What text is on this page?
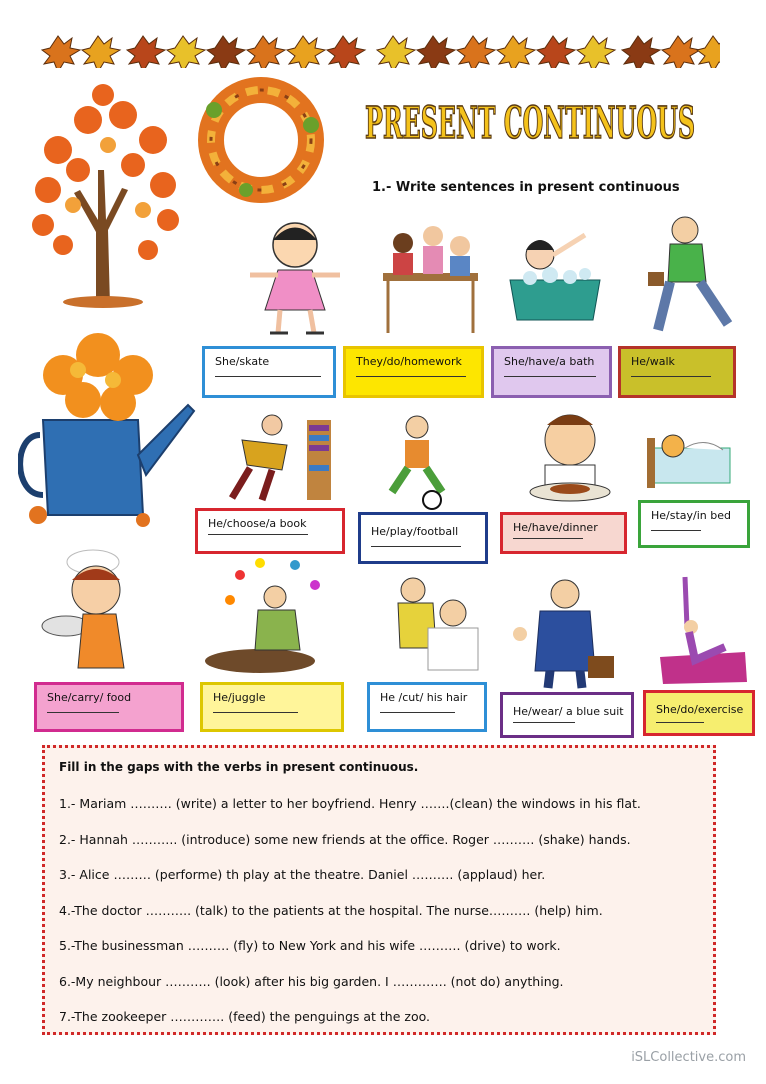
PRESENT CONTINUOUS
1.- Write sentences in present continuous
She/skate	They/do/homework	She/have/a bath	He/walk
He/choose/a book
He/play/football	He/have/dinner
He/stay/in bed
She/carry/ food	He/juggle	He /cut/ his hair
He/wear/ a blue suit	She/do/exercise
Fill in the gaps with the verbs in present continuous.
1.- Mariam ………. (write) a letter to her boyfriend. Henry …….(clean) the windows in his flat.
2.- Hannah ……….. (introduce) some new friends at the office. Roger ………. (shake) hands.
3.- Alice ……… (performe) th play at the theatre. Daniel ………. (applaud) her.
4.-The doctor ……….. (talk) to the patients at the hospital. The nurse………. (help) him.
5.-The businessman ………. (fly) to New York and his wife ………. (drive) to work.
6.-My neighbour ……….. (look) after his big garden. I …………. (not do) anything.
7.-The zookeeper …………. (feed) the penguings at the zoo.
iSLCollective.com
